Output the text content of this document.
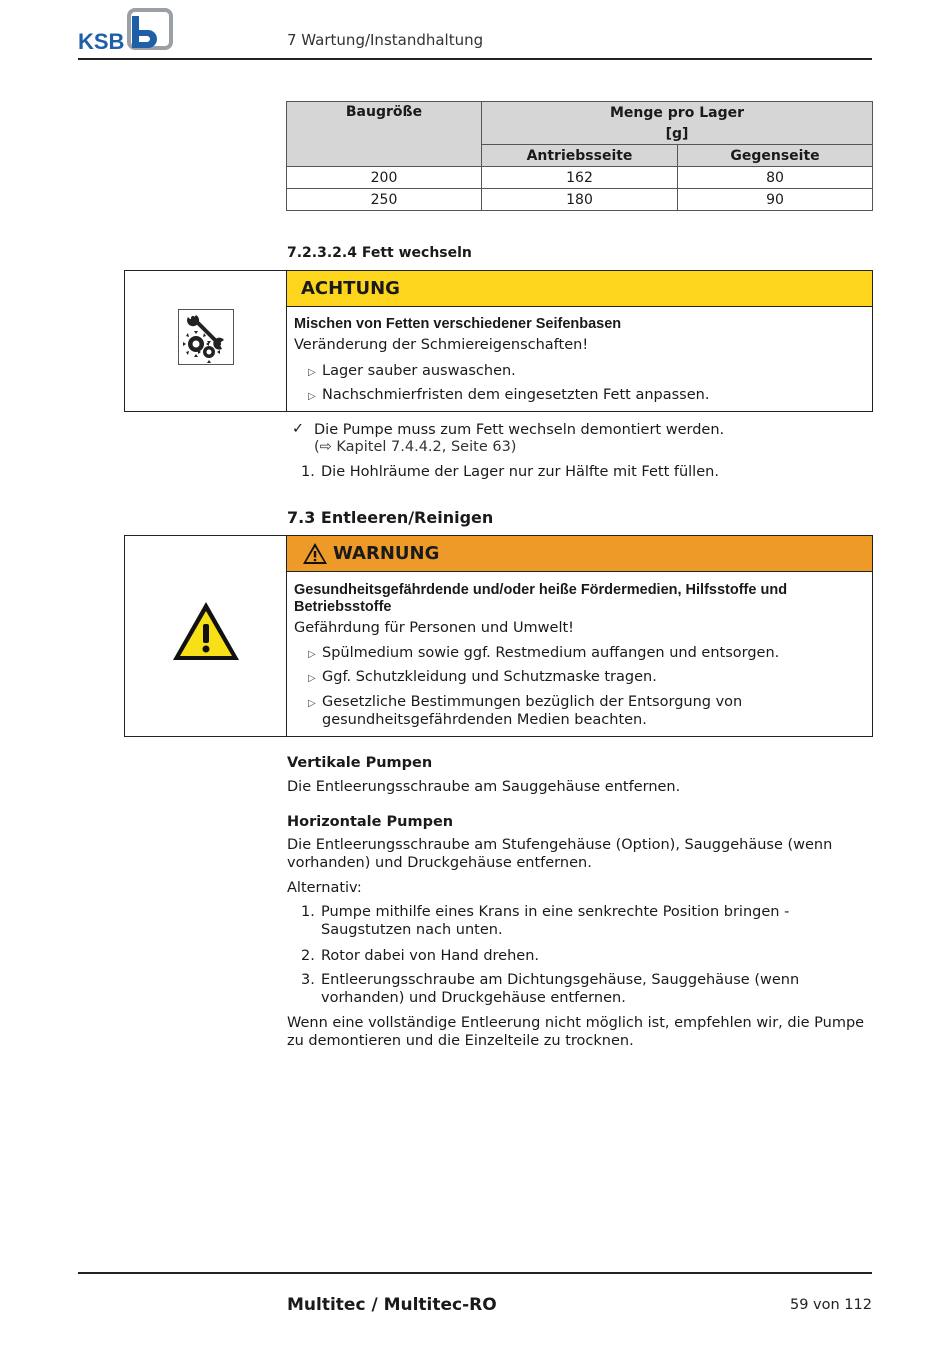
KSB	7 Wartung/Instandhaltung
Baugröße	Menge pro Lager	
	[g]	
	Antriebsseite	Gegenseite
200	162	80
250	180	90
7.2.3.2.4 Fett wechseln
ACHTUNG
Mischen von Fetten verschiedener Seifenbasen
Veränderung der Schmiereigenschaften!
▷ Lager sauber auswaschen.
▷ Nachschmierfristen dem eingesetzten Fett anpassen.
✓ Die Pumpe muss zum Fett wechseln demontiert werden.
(⇨ Kapitel 7.4.4.2, Seite 63)
1. Die Hohlräume der Lager nur zur Hälfte mit Fett füllen.
7.3 Entleeren/Reinigen
WARNUNG
Gesundheitsgefährdende und/oder heiße Fördermedien, Hilfsstoffe und Betriebsstoffe
Gefährdung für Personen und Umwelt!
▷ Spülmedium sowie ggf. Restmedium auffangen und entsorgen.
▷ Ggf. Schutzkleidung und Schutzmaske tragen.
▷ Gesetzliche Bestimmungen bezüglich der Entsorgung von gesundheitsgefährdenden Medien beachten.
Vertikale Pumpen
Die Entleerungsschraube am Sauggehäuse entfernen.
Horizontale Pumpen
Die Entleerungsschraube am Stufengehäuse (Option), Sauggehäuse (wenn vorhanden) und Druckgehäuse entfernen.
Alternativ:
1. Pumpe mithilfe eines Krans in eine senkrechte Position bringen - Saugstutzen nach unten.
2. Rotor dabei von Hand drehen.
3. Entleerungsschraube am Dichtungsgehäuse, Sauggehäuse (wenn vorhanden) und Druckgehäuse entfernen.
Wenn eine vollständige Entleerung nicht möglich ist, empfehlen wir, die Pumpe zu demontieren und die Einzelteile zu trocknen.
Multitec / Multitec-RO	59 von 112
